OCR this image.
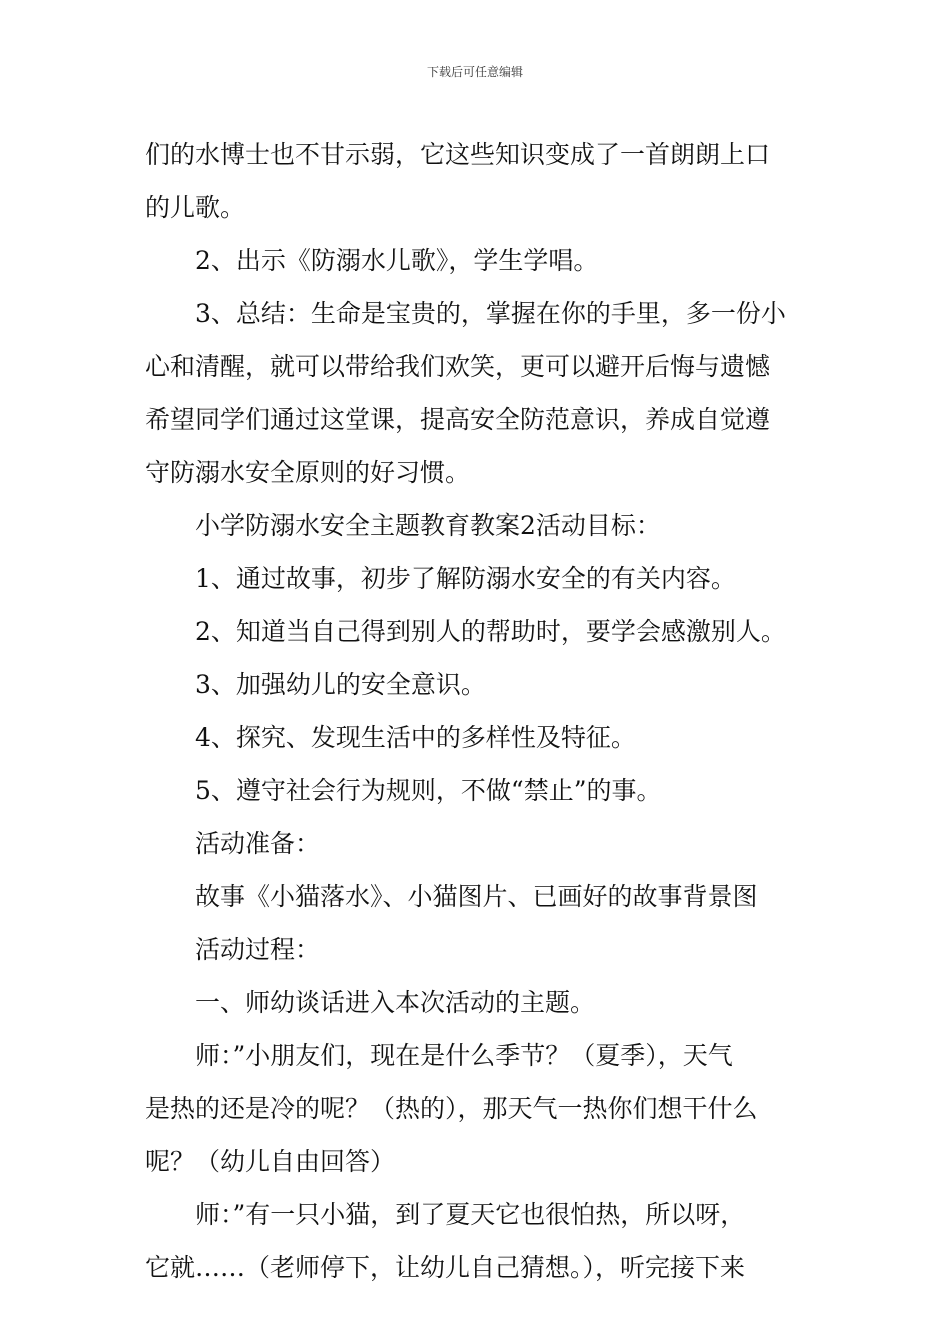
下载后可任意编辑
们的水博士也不甘示弱，它这些知识变成了一首朗朗上口
的儿歌。
2、出示《防溺水儿歌》，学生学唱。
3、总结：生命是宝贵的，掌握在你的手里，多一份小
心和清醒，就可以带给我们欢笑，更可以避开后悔与遗憾
希望同学们通过这堂课，提高安全防范意识，养成自觉遵
守防溺水安全原则的好习惯。
小学防溺水安全主题教育教案2活动目标：
1、通过故事，初步了解防溺水安全的有关内容。
2、知道当自己得到别人的帮助时，要学会感激别人。
3、加强幼儿的安全意识。
4、探究、发现生活中的多样性及特征。
5、遵守社会行为规则，不做“禁止”的事。
活动准备：
故事《小猫落水》、小猫图片、已画好的故事背景图
活动过程：
一、师幼谈话进入本次活动的主题。
师：”小朋友们，现在是什么季节？（夏季），天气
是热的还是冷的呢？（热的），那天气一热你们想干什么
呢？（幼儿自由回答）
师：”有一只小猫，到了夏天它也很怕热，所以呀，
它就……（老师停下，让幼儿自己猜想。），听完接下来
